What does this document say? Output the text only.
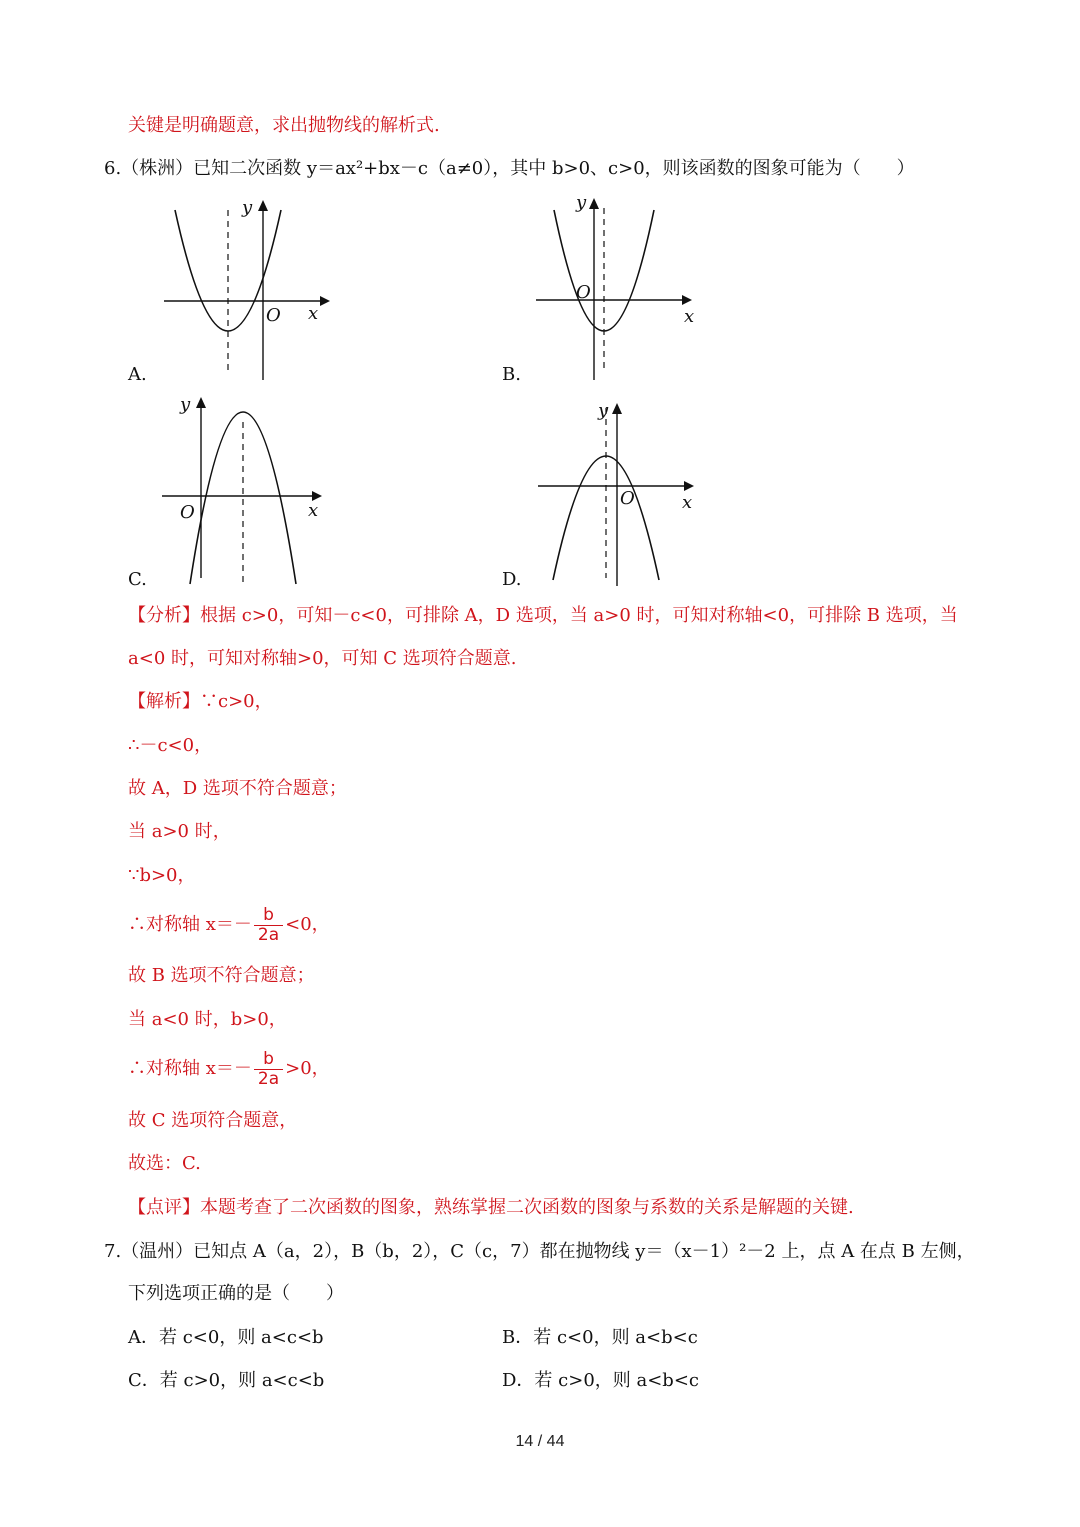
关键是明确题意，求出抛物线的解析式.
6.（株洲）已知二次函数 y＝ax²+bx－c（a≠0），其中 b>0、c>0，则该函数的图象可能为（　　）
y
O x
A.
y
O
x
B.
y
O	x
C.
y
O	x
D.
【分析】根据 c>0，可知－c<0，可排除 A，D 选项，当 a>0 时，可知对称轴<0，可排除 B 选项，当
a<0 时，可知对称轴>0，可知 C 选项符合题意.
【解析】∵c>0，
∴－c<0，
故 A，D 选项不符合题意；
当 a>0 时，
∵b>0，
∴对称轴 $x=- \frac{b}{2a} <0$，
故 B 选项不符合题意；
当 a<0 时，b>0，
∴对称轴 $x=- \frac{b}{2a} >0$，
故 C 选项符合题意，
故选：C.
【点评】本题考查了二次函数的图象，熟练掌握二次函数的图象与系数的关系是解题的关键.
7.（温州）已知点 A（a，2），B（b，2），C（c，7）都在抛物线 y＝（x－1）²－2 上，点 A 在点 B 左侧，
下列选项正确的是（　　）
A．若 c<0，则 a<c<b	B．若 c<0，则 a<b<c
C．若 c>0，则 a<c<b	D．若 c>0，则 a<b<c
14 / 44
